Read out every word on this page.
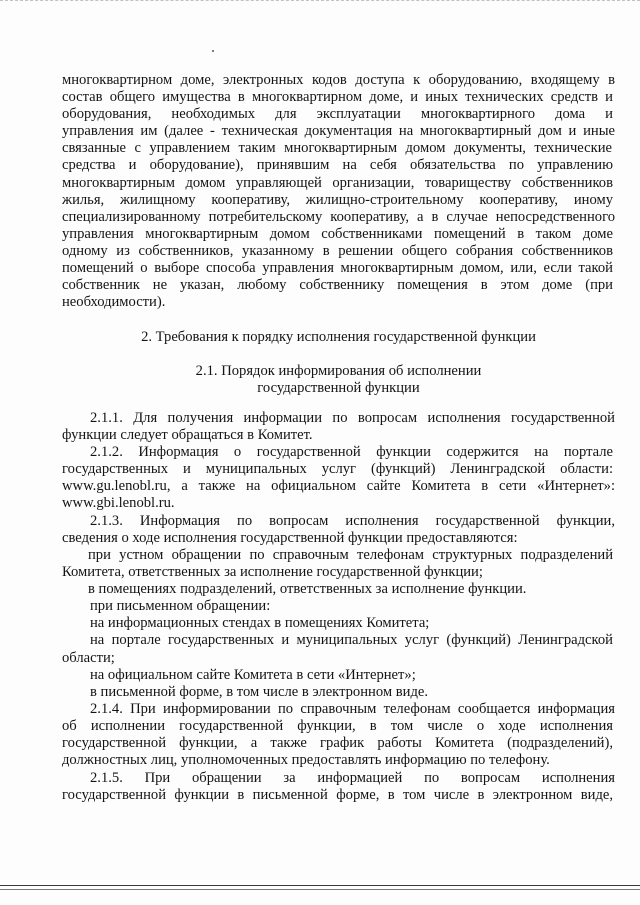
многоквартирном доме, электронных кодов доступа к оборудованию, входящему в
состав общего имущества в многоквартирном доме, и иных технических средств и
оборудования, необходимых для эксплуатации многоквартирного дома и
управления им (далее - техническая документация на многоквартирный дом и иные
связанные с управлением таким многоквартирным домом документы, технические
средства и оборудование), принявшим на себя обязательства по управлению
многоквартирным домом управляющей организации, товариществу собственников
жилья, жилищному кооперативу, жилищно-строительному кооперативу, иному
специализированному потребительскому кооперативу, а в случае непосредственного
управления многоквартирным домом собственниками помещений в таком доме
одному из собственников, указанному в решении общего собрания собственников
помещений о выборе способа управления многоквартирным домом, или, если такой
собственник не указан, любому собственнику помещения в этом доме (при
необходимости).
2. Требования к порядку исполнения государственной функции
2.1. Порядок информирования об исполнении
государственной функции
2.1.1. Для получения информации по вопросам исполнения государственной
функции следует обращаться в Комитет.
2.1.2. Информация о государственной функции содержится на портале
государственных и муниципальных услуг (функций) Ленинградской области:
www.gu.lenobl.ru, а также на официальном сайте Комитета в сети «Интернет»:
www.gbi.lenobl.ru.
2.1.3. Информация по вопросам исполнения государственной функции,
сведения о ходе исполнения государственной функции предоставляются:
при устном обращении по справочным телефонам структурных подразделений
Комитета, ответственных за исполнение государственной функции;
в помещениях подразделений, ответственных за исполнение функции.
при письменном обращении:
на информационных стендах в помещениях Комитета;
на портале государственных и муниципальных услуг (функций) Ленинградской
области;
на официальном сайте Комитета в сети «Интернет»;
в письменной форме, в том числе в электронном виде.
2.1.4. При информировании по справочным телефонам сообщается информация
об исполнении государственной функции, в том числе о ходе исполнения
государственной функции, а также график работы Комитета (подразделений),
должностных лиц, уполномоченных предоставлять информацию по телефону.
2.1.5. При обращении за информацией по вопросам исполнения
государственной функции в письменной форме, в том числе в электронном виде,
